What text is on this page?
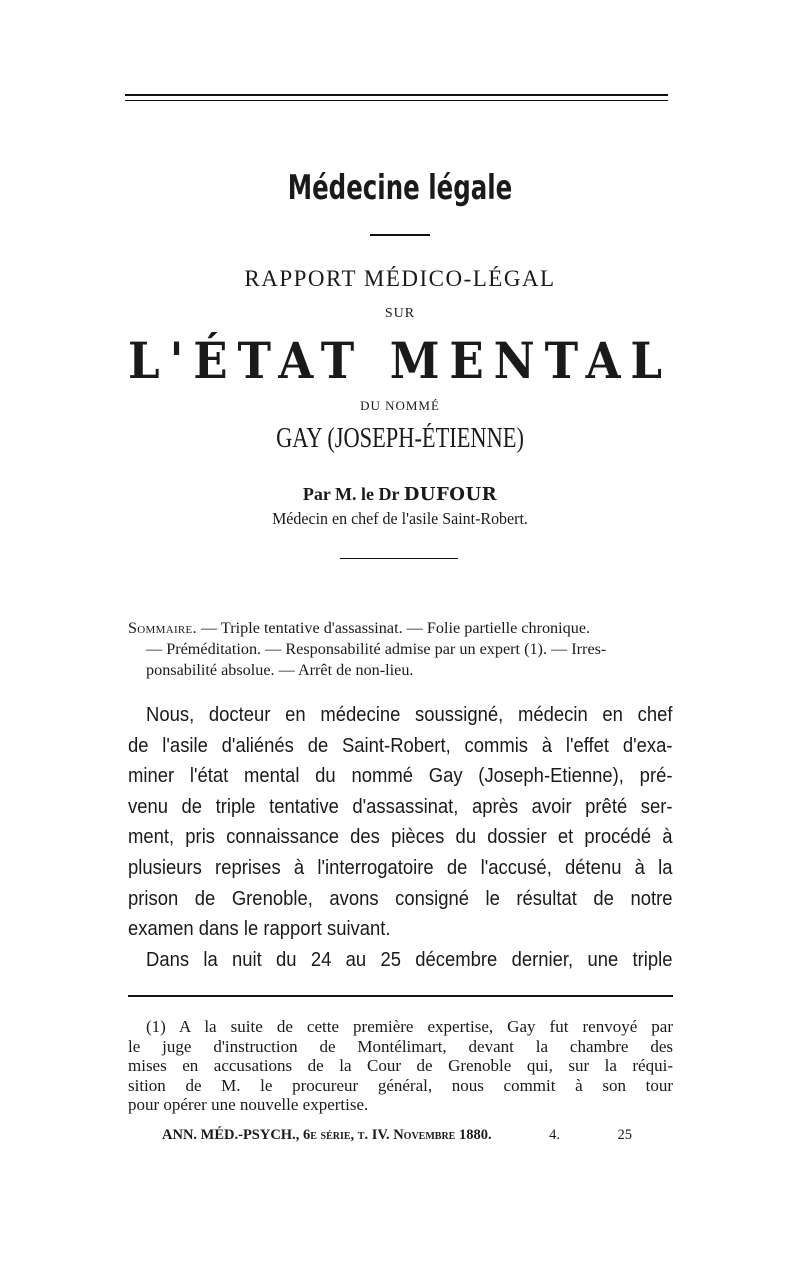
Médecine légale
RAPPORT MÉDICO-LÉGAL
SUR
L'ÉTAT MENTAL
DU NOMMÉ
GAY (JOSEPH-ÉTIENNE)
Par M. le Dr DUFOUR
Médecin en chef de l'asile Saint-Robert.
Sommaire. — Triple tentative d'assassinat. — Folie partielle chronique.
— Préméditation. — Responsabilité admise par un expert (1). — Irres-
ponsabilité absolue. — Arrêt de non-lieu.
Nous, docteur en médecine soussigné, médecin en chef
de l'asile d'aliénés de Saint-Robert, commis à l'effet d'exa-
miner l'état mental du nommé Gay (Joseph-Etienne), pré-
venu de triple tentative d'assassinat, après avoir prêté ser-
ment, pris connaissance des pièces du dossier et procédé à
plusieurs reprises à l'interrogatoire de l'accusé, détenu à la
prison de Grenoble, avons consigné le résultat de notre
examen dans le rapport suivant.
Dans la nuit du 24 au 25 décembre dernier, une triple
(1) A la suite de cette première expertise, Gay fut renvoyé par
le juge d'instruction de Montélimart, devant la chambre des
mises en accusations de la Cour de Grenoble qui, sur la réqui-
sition de M. le procureur général, nous commit à son tour
pour opérer une nouvelle expertise.
ANN. MÉD.-PSYCH., 6e série, t. IV. Novembre 1880.	4.	25
